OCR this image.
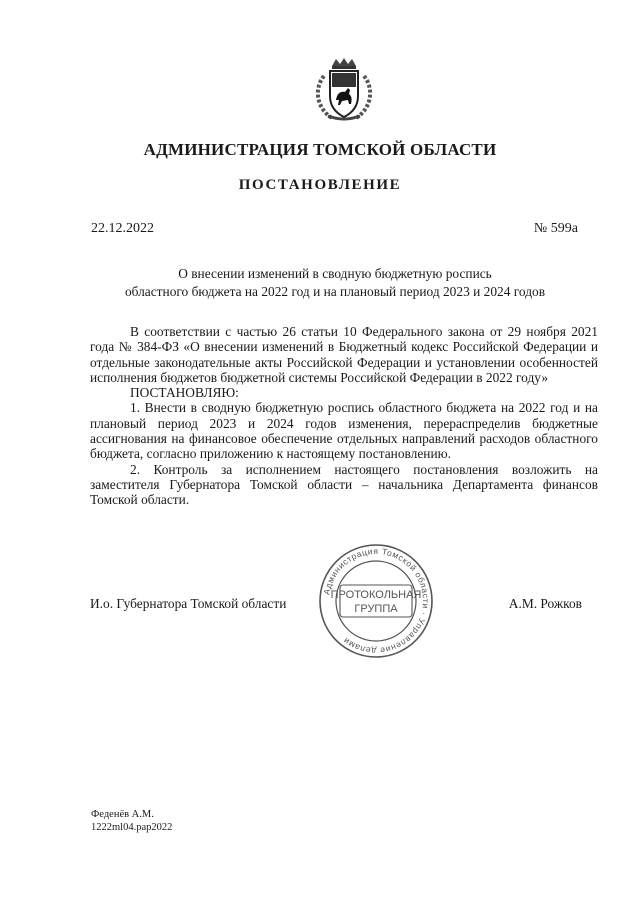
АДМИНИСТРАЦИЯ ТОМСКОЙ ОБЛАСТИ
ПОСТАНОВЛЕНИЕ
22.12.2022	№ 599а
О внесении изменений в сводную бюджетную роспись
областного бюджета на 2022 год и на плановый период 2023 и 2024 годов

В соответствии с частью 26 статьи 10 Федерального закона от 29 ноября 2021 года № 384-ФЗ «О внесении изменений в Бюджетный кодекс Российской Федерации и отдельные законодательные акты Российской Федерации и установлении особенностей исполнения бюджетов бюджетной системы Российской Федерации в 2022 году»

ПОСТАНОВЛЯЮ:

1. Внести в сводную бюджетную роспись областного бюджета на 2022 год и на плановый период 2023 и 2024 годов изменения, перераспределив бюджетные ассигнования на финансовое обеспечение отдельных направлений расходов областного бюджета, согласно приложению к настоящему постановлению.

2. Контроль за исполнением настоящего постановления возложить на заместителя Губернатора Томской области – начальника Департамента финансов Томской области.

И.о. Губернатора Томской области	А.М. Рожков
Администрация Томской области · Управление делами
ПРОТОКОЛЬНАЯ
ГРУППА
Феденёв А.М.
1222ml04.pap2022
